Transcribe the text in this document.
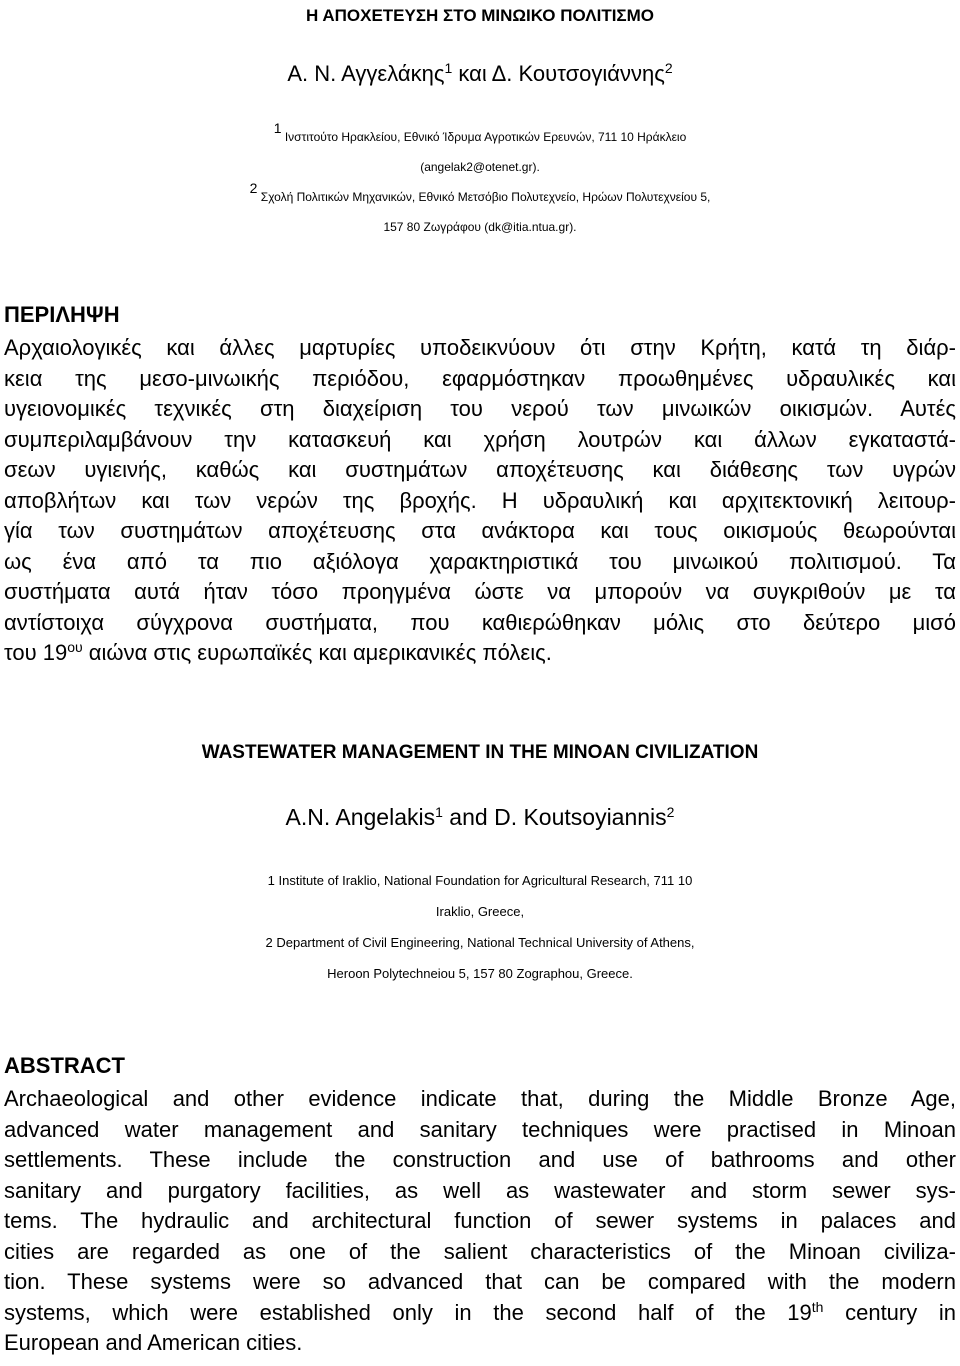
Η ΑΠΟΧΕΤΕΥΣΗ ΣΤΟ ΜΙΝΩΙΚΟ ΠΟΛΙΤΙΣΜΟ
Α. Ν. Αγγελάκης$^1$ και Δ. Κουτσογιάννης$^2$
$^1$ Ινστιτούτο Ηρακλείου, Εθνικό Ίδρυμα Αγροτικών Ερευνών, 711 10 Ηράκλειο
(angelak2@otenet.gr).
$^2$ Σχολή Πολιτικών Μηχανικών, Εθνικό Μετσόβιο Πολυτεχνείο, Ηρώων Πολυτεχνείου 5,
157 80 Ζωγράφου (dk@itia.ntua.gr).
ΠΕΡΙΛΗΨΗ
Αρχαιολογικές και άλλες μαρτυρίες υποδεικνύουν ότι στην Κρήτη, κατά τη διάρ-
κεια της μεσο-μινωικής περιόδου, εφαρμόστηκαν προωθημένες υδραυλικές και
υγειονομικές τεχνικές στη διαχείριση του νερού των μινωικών οικισμών. Αυτές
συμπεριλαμβάνουν την κατασκευή και χρήση λουτρών και άλλων εγκαταστά-
σεων υγιεινής, καθώς και συστημάτων αποχέτευσης και διάθεσης των υγρών
αποβλήτων και των νερών της βροχής. Η υδραυλική και αρχιτεκτονική λειτουρ-
γία των συστημάτων αποχέτευσης στα ανάκτορα και τους οικισμούς θεωρούνται
ως ένα από τα πιο αξιόλογα χαρακτηριστικά του μινωικού πολιτισμού. Τα
συστήματα αυτά ήταν τόσο προηγμένα ώστε να μπορούν να συγκριθούν με τα
αντίστοιχα σύγχρονα συστήματα, που καθιερώθηκαν μόλις στο δεύτερο μισό
του $19^{o\upsilon}$ αιώνα στις ευρωπαϊκές και αμερικανικές πόλεις.
WASTEWATER MANAGEMENT IN THE MINOAN CIVILIZATION
A.N. Angelakis$^1$ and D. Koutsoyiannis$^2$
1 Institute of Iraklio, National Foundation for Agricultural Research, 711 10
Iraklio, Greece,
2 Department of Civil Engineering, National Technical University of Athens,
Heroon Polytechneiou 5, 157 80 Zographou, Greece.
ABSTRACT
Archaeological and other evidence indicate that, during the Middle Bronze Age,
advanced water management and sanitary techniques were practised in Minoan
settlements. These include the construction and use of bathrooms and other
sanitary and purgatory facilities, as well as wastewater and storm sewer sys-
tems. The hydraulic and architectural function of sewer systems in palaces and
cities are regarded as one of the salient characteristics of the Minoan civiliza-
tion. These systems were so advanced that can be compared with the modern
systems, which were established only in the second half of the 19th century in
European and American cities.
